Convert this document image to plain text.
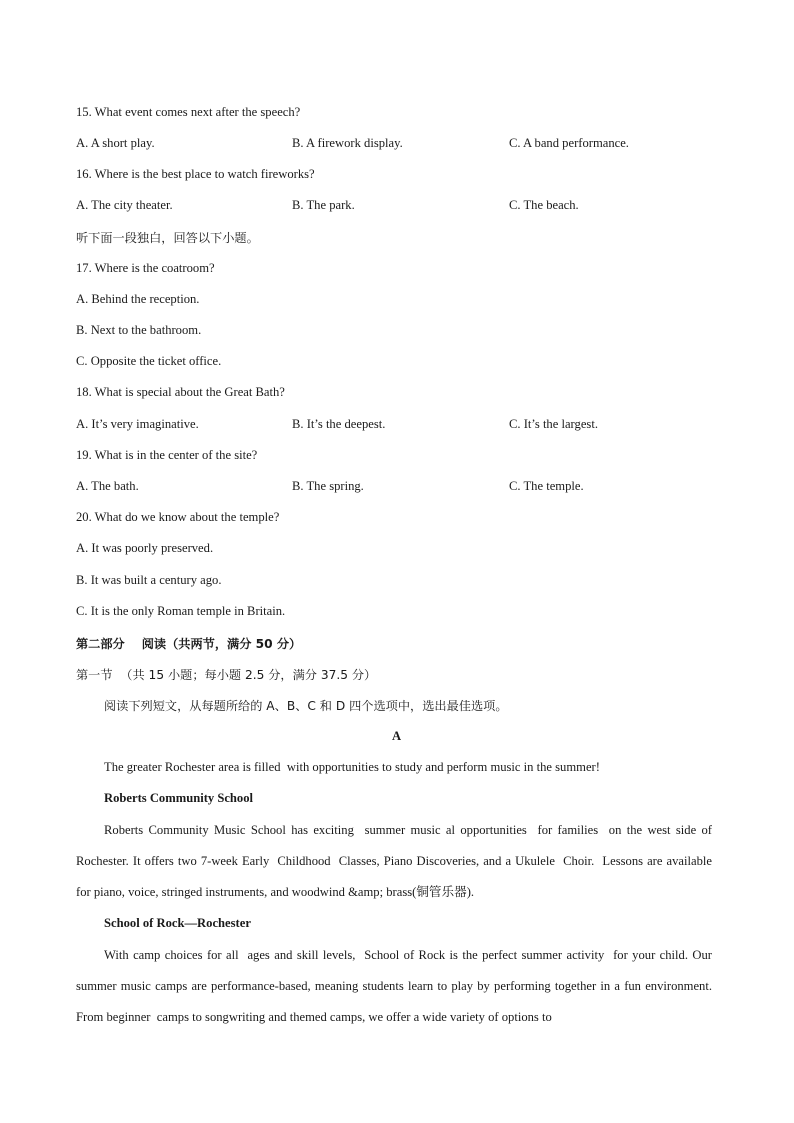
15. What event comes next after the speech?
A. A short play.	B. A firework display.	C. A band performance.
16. Where is the best place to watch fireworks?
A. The city theater.	B. The park.	C. The beach.
听下面一段独白，回答以下小题。
17. Where is the coatroom?
A. Behind the reception.
B. Next to the bathroom.
C. Opposite the ticket office.
18. What is special about the Great Bath?
A. It’s very imaginative.	B. It’s the deepest.	C. It’s the largest.
19. What is in the center of the site?
A. The bath.	B. The spring.	C. The temple.
20. What do we know about the temple?
A. It was poorly preserved.
B. It was built a century ago.
C. It is the only Roman temple in Britain.
第二部分    阅读（共两节，满分 50 分）
第一节  （共 15 小题；每小题 2.5 分，满分 37.5 分）
阅读下列短文，从每题所给的 A、B、C 和 D 四个选项中，选出最佳选项。
A
The greater Rochester area is filled  with opportunities to study and perform music in the summer!
Roberts Community School
Roberts Community Music School has exciting  summer music al opportunities  for families  on the west side of Rochester. It offers two 7-week Early  Childhood  Classes, Piano Discoveries, and a Ukulele  Choir.  Lessons are available  for piano, voice, stringed instruments, and woodwind &amp; brass(铜管乐器).
School of Rock—Rochester
With camp choices for all  ages and skill levels,  School of Rock is the perfect summer activity  for your child. Our summer music camps are performance-based, meaning students learn to play by performing together in a fun environment. From beginner  camps to songwriting and themed camps, we offer a wide variety of options to
